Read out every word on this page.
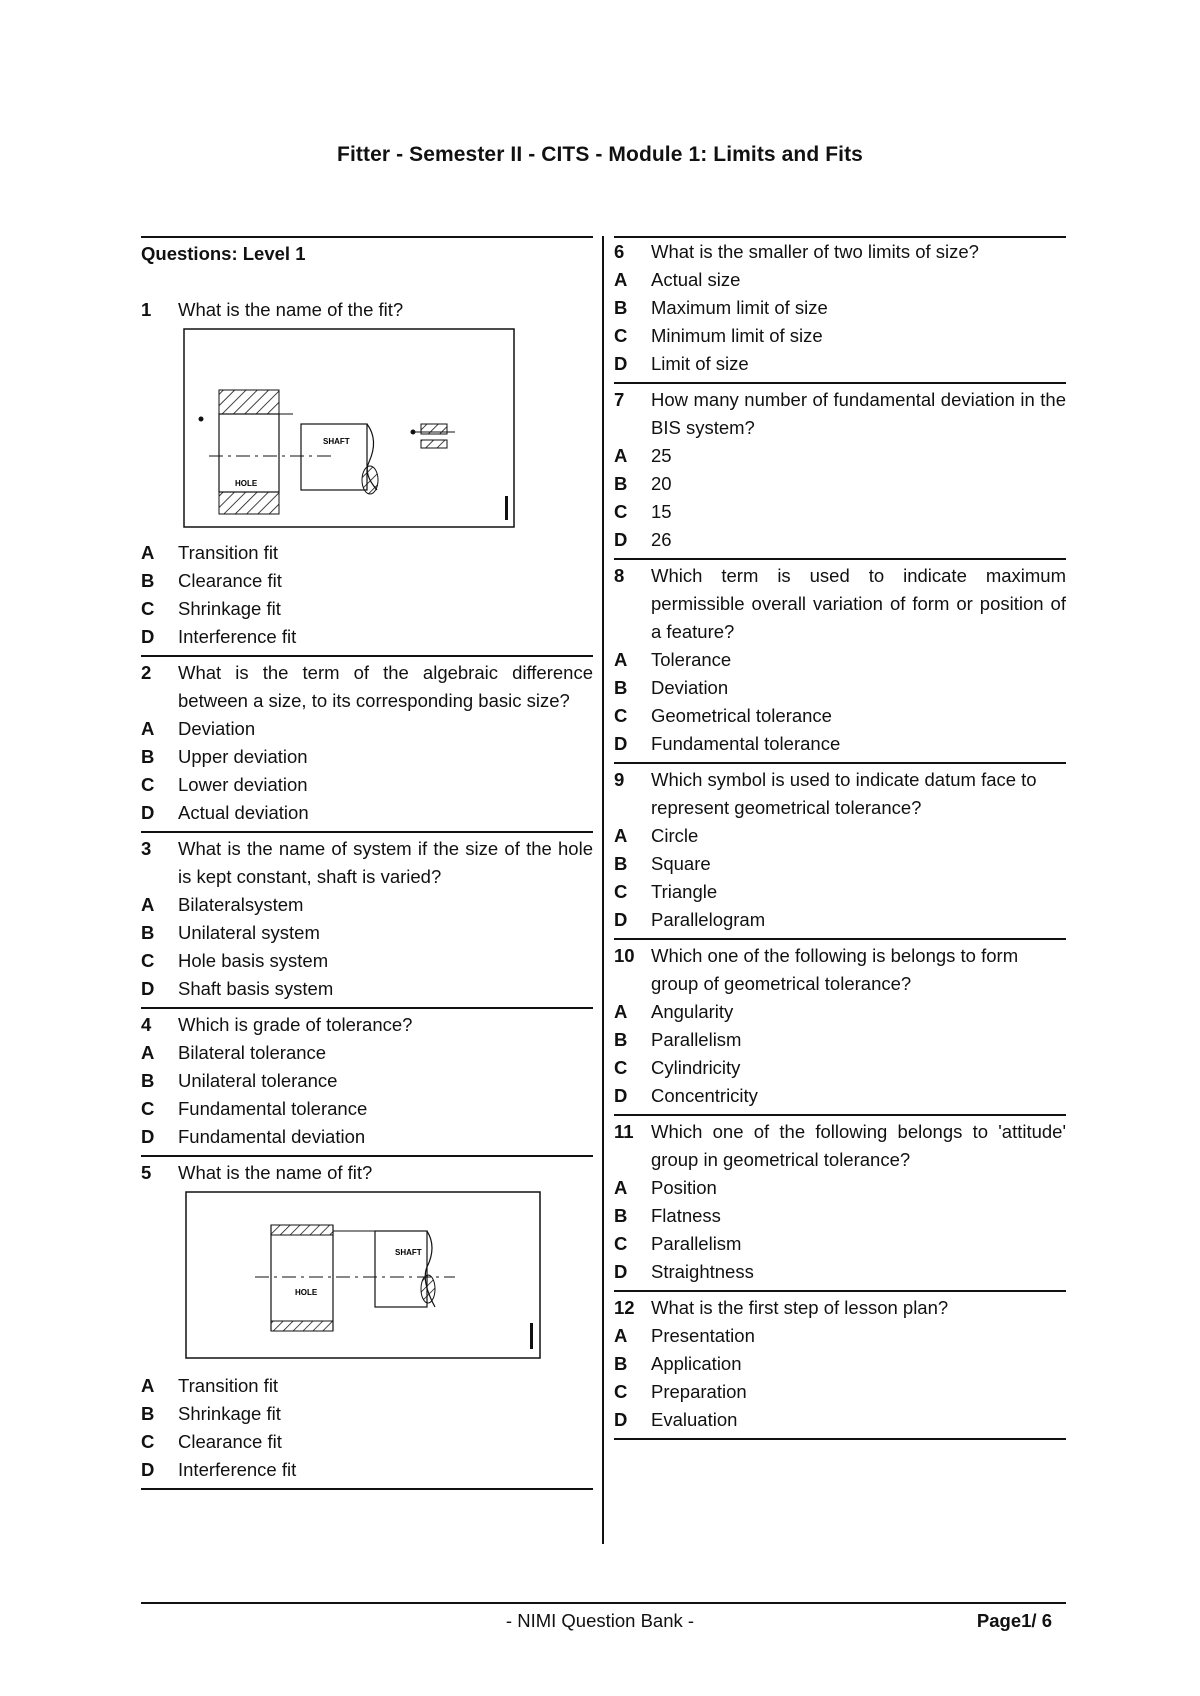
Fitter - Semester II - CITS - Module 1: Limits and Fits
Questions: Level 1
1	What is the name of the fit?
SHAFT
HOLE
A	Transition fit
B	Clearance fit
C	Shrinkage fit
D	Interference fit
2	What is the term of the algebraic difference between a size, to its corresponding basic size?
A	Deviation
B	Upper deviation
C	Lower deviation
D	Actual deviation
3	What is the name of system if the size of the hole is kept constant, shaft is varied?
A	Bilateralsystem
B	Unilateral system
C	Hole basis system
D	Shaft basis system
4	Which is grade of tolerance?
A	Bilateral tolerance
B	Unilateral tolerance
C	Fundamental tolerance
D	Fundamental deviation
5	What is the name of fit?
SHAFT
HOLE
A	Transition fit
B	Shrinkage fit
C	Clearance fit
D	Interference fit
6	What is the smaller of two limits of size?
A	Actual size
B	Maximum limit of size
C	Minimum limit of size
D	Limit of size
7	How many number of fundamental deviation in the BIS system?
A	25
B	20
C	15
D	26
8	Which term is used to indicate maximum permissible overall variation of form or position of a feature?
A	Tolerance
B	Deviation
C	Geometrical tolerance
D	Fundamental tolerance
9	Which symbol is used to indicate datum face to represent geometrical tolerance?
A	Circle
B	Square
C	Triangle
D	Parallelogram
10 Which one of the following is belongs to form group of geometrical tolerance?
A	Angularity
B	Parallelism
C	Cylindricity
D	Concentricity
11 Which one of the following belongs to 'attitude' group in geometrical tolerance?
A	Position
B	Flatness
C	Parallelism
D	Straightness
12 What is the first step of lesson plan?
A	Presentation
B	Application
C	Preparation
D	Evaluation
- NIMI Question Bank -	Page1/ 6
